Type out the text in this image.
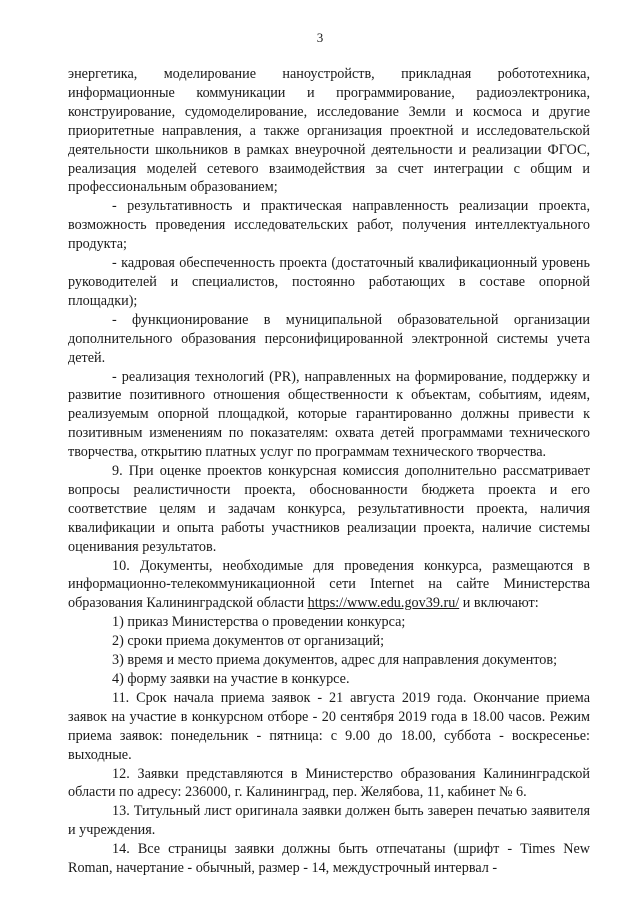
3

энергетика, моделирование наноустройств, прикладная робототехника, информационные коммуникации и программирование, радиоэлектроника, конструирование, судомоделирование, исследование Земли и космоса и другие приоритетные направления, а также организация проектной и исследовательской деятельности школьников в рамках внеурочной деятельности и реализации ФГОС, реализация моделей сетевого взаимодействия за счет интеграции с общим и профессиональным образованием;

- результативность и практическая направленность реализации проекта, возможность проведения исследовательских работ, получения интеллектуального продукта;

- кадровая обеспеченность проекта (достаточный квалификационный уровень руководителей и специалистов, постоянно работающих в составе опорной площадки);

- функционирование в муниципальной образовательной организации дополнительного образования персонифицированной электронной системы учета детей.

- реализация технологий (PR), направленных на формирование, поддержку и развитие позитивного отношения общественности к объектам, событиям, идеям, реализуемым опорной площадкой, которые гарантированно должны привести к позитивным изменениям по показателям: охвата детей программами технического творчества, открытию платных услуг по программам технического творчества.

9. При оценке проектов конкурсная комиссия дополнительно рассматривает вопросы реалистичности проекта, обоснованности бюджета проекта и его соответствие целям и задачам конкурса, результативности проекта, наличия квалификации и опыта работы участников реализации проекта, наличие системы оценивания результатов.

10. Документы, необходимые для проведения конкурса, размещаются в информационно-телекоммуникационной сети Internet на сайте Министерства образования Калининградской области https://www.edu.gov39.ru/ и включают:

1) приказ Министерства о проведении конкурса;

2) сроки приема документов от организаций;

3) время и место приема документов, адрес для направления документов;

4) форму заявки на участие в конкурсе.

11. Срок начала приема заявок - 21 августа 2019 года. Окончание приема заявок на участие в конкурсном отборе - 20 сентября 2019 года в 18.00 часов. Режим приема заявок: понедельник - пятница: с 9.00 до 18.00, суббота - воскресенье: выходные.

12. Заявки представляются в Министерство образования Калининградской области по адресу: 236000, г. Калининград, пер. Желябова, 11, кабинет № 6.

13. Титульный лист оригинала заявки должен быть заверен печатью заявителя и учреждения.

14. Все страницы заявки должны быть отпечатаны (шрифт - Times New Roman, начертание - обычный, размер - 14, междустрочный интервал -
